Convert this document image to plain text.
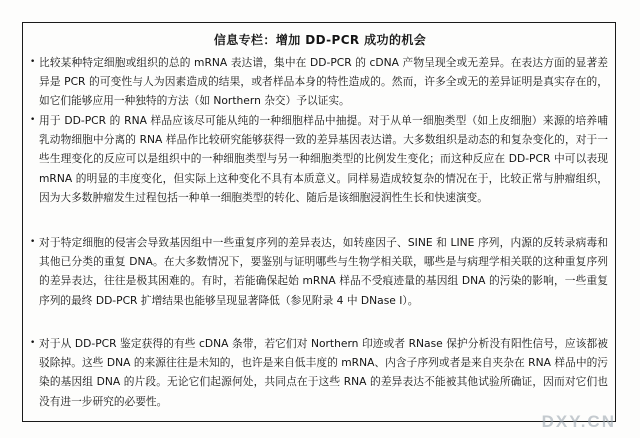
信息专栏：增加 DD-PCR 成功的机会
• 比较某种特定细胞或组织的总的 mRNA 表达谱，集中在 DD-PCR 的 cDNA 产物呈现全或无差异。在表达方面的显著差异是 PCR 的可变性与人为因素造成的结果，或者样品本身的特性造成的。然而，许多全或无的差异证明是真实存在的，如它们能够应用一种独特的方法（如 Northern 杂交）予以证实。
• 用于 DD-PCR 的 RNA 样品应该尽可能从纯的一种细胞样品中抽提。对于从单一细胞类型（如上皮细胞）来源的培养哺乳动物细胞中分离的 RNA 样品作比较研究能够获得一致的差异基因表达谱。大多数组织是动态的和复杂变化的，对于一些生理变化的反应可以是组织中的一种细胞类型与另一种细胞类型的比例发生变化；而这种反应在 DD-PCR 中可以表现 mRNA 的明显的丰度变化，但实际上这种变化不具有本质意义。同样易造成较复杂的情况在于，比较正常与肿瘤组织，因为大多数肿瘤发生过程包括一种单一细胞类型的转化、随后是该细胞浸润性生长和快速演变。
• 对于特定细胞的侵害会导致基因组中一些重复序列的差异表达，如转座因子、SINE 和 LINE 序列，内源的反转录病毒和其他已分类的重复 DNA。在大多数情况下，要鉴别与证明哪些与生物学相关联，哪些是与病理学相关联的这种重复序列的差异表达，往往是极其困难的。有时，若能确保起始 mRNA 样品不受痕迹量的基因组 DNA 的污染的影响，一些重复序列的最终 DD-PCR 扩增结果也能够呈现显著降低（参见附录 4 中 DNase Ⅰ）。
• 对于从 DD-PCR 鉴定获得的有些 cDNA 条带，若它们对 Northern 印迹或者 RNase 保护分析没有阳性信号，应该都被驳除掉。这些 DNA 的来源往往是未知的，也许是来自低丰度的 mRNA、内含子序列或者是来自夹杂在 RNA 样品中的污染的基因组 DNA 的片段。无论它们起源何处，共同点在于这些 RNA 的差异表达不能被其他试验所确证，因而对它们也没有进一步研究的必要性。
DXY.CN
